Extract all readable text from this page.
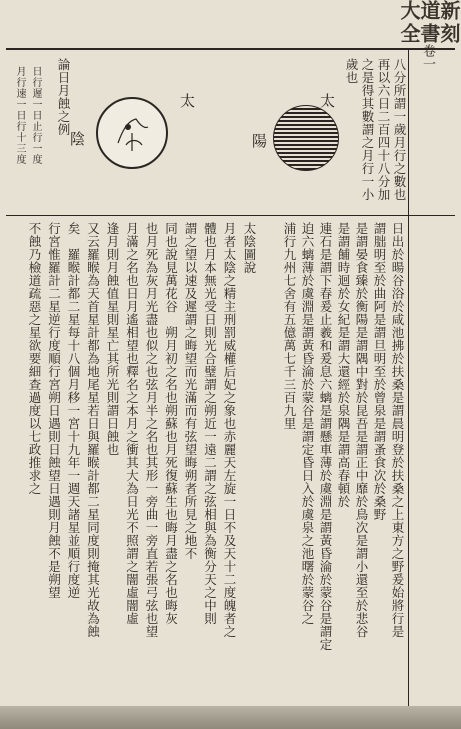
新刻道書大全
八分所謂一歲月行之數也
再以六日二百四十八分加
之是得其數謂之月行一小
歲也
陽
太
陰
太
論日月蝕之例
日行遲一日止行一度
月行速一日行十三度
日出於暘谷浴於咸池拂於扶桑是謂晨明登於扶桑之上東方之野爰始將行是
謂朏明至於曲阿是謂旦明至於曾泉是謂蚤食次於桑野
是謂晏食臻於衡陽是謂隅中對於昆吾是謂正中靡於鳥次是謂小還至於悲谷
是謂餔時迴於女紀是謂大還經於泉隅是謂高春頓於
連石是謂下春爰止羲和爰息六螭是謂懸車薄於虞淵是謂黃昏淪於蒙谷是謂定
迫六螭薄於虞淵是謂黃昏淪於蒙谷是謂定昏日入於虞泉之池曙於蒙谷之
浦行九州七舍有五億萬七千三百九里
太陰圖說
月者太陰之精主刑罰威權后妃之象也赤麗天左旋一日不及天十二度魄者之
體也月本無光受日則光合璧謂之朔近一遠二謂之弦相與為衡分天之中則
謂之望以速及遲謂之晦望而光滿而有弦望晦朔者所見之地不
同也說見萬花谷　朔月初之名也朔蘇也月死復蘇生也晦月盡之名也晦灰
也月死為灰月光盡也似之也弦月半之名也其形一旁曲一旁直若張弓弦也望
月滿之名也日月遙相望也釋名之本月之衝其大為日光不照謂之闇虛闇虛
逢月則月蝕值星則星亡其所光則謂日蝕也
又云羅睺為天首星計都為地尾星若日與羅睺計都二星同度則掩其光故為蝕
矣　羅睺計都二星每十八個月移一宮十九年一週天諸星並順行度逆
行宮惟羅計二星逆行度順行宮朔日遇則日蝕望日遇則月蝕不是朔望
不蝕乃檢道疏惡之星欲要細查過度以七政推求之
卷一
